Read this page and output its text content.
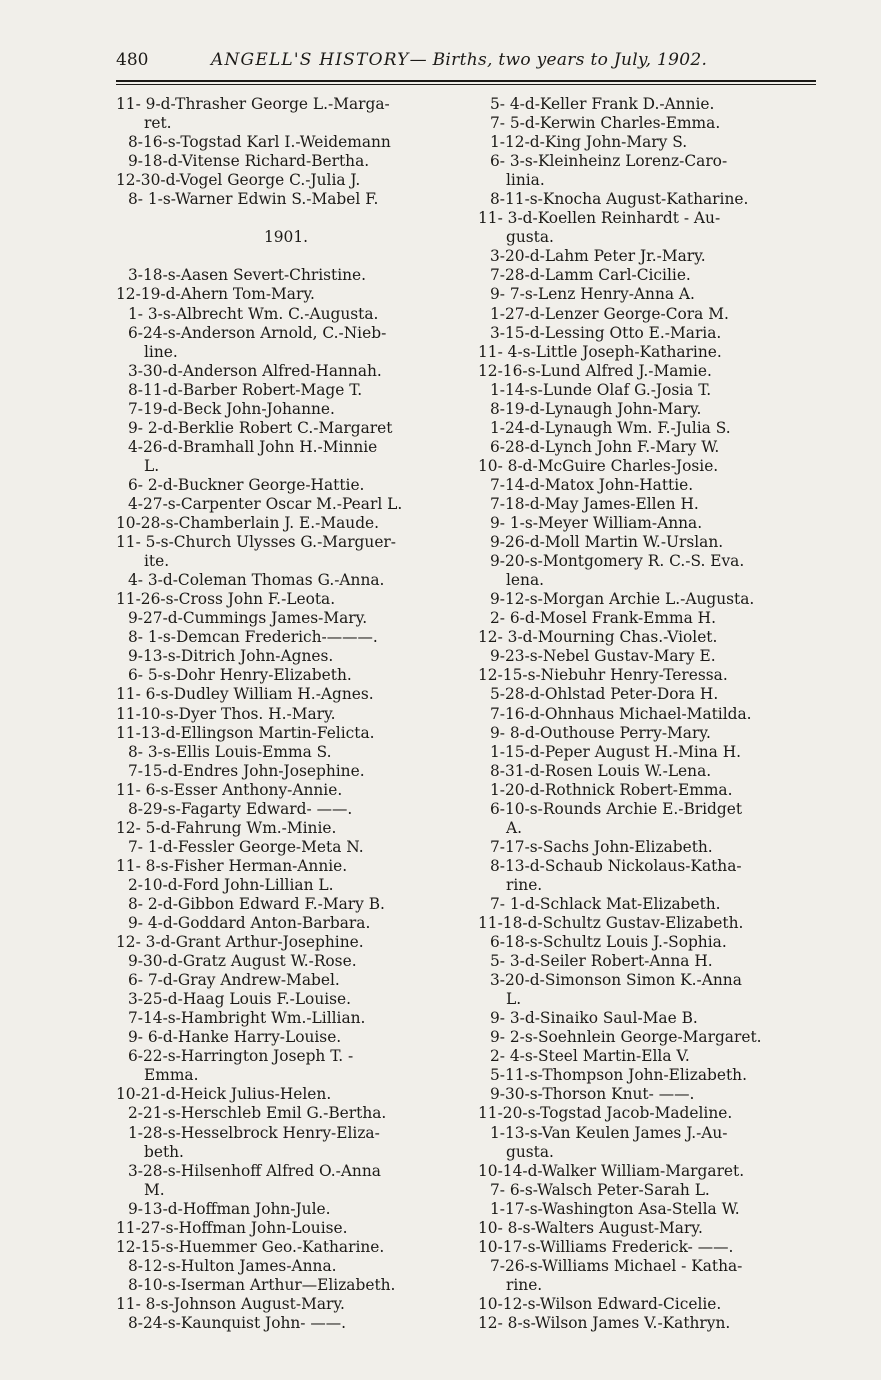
480	ANGELL'S HISTORY— Births, two years to July, 1902.
11- 9-d-Thrasher George L.-Marga-
ret.
8-16-s-Togstad Karl I.-Weidemann
9-18-d-Vitense Richard-Bertha.
12-30-d-Vogel George C.-Julia J.
8- 1-s-Warner Edwin S.-Mabel F.
1901.
3-18-s-Aasen Severt-Christine.
12-19-d-Ahern Tom-Mary.
1- 3-s-Albrecht Wm. C.-Augusta.
6-24-s-Anderson Arnold, C.-Nieb-
line.
3-30-d-Anderson Alfred-Hannah.
8-11-d-Barber Robert-Mage T.
7-19-d-Beck John-Johanne.
9- 2-d-Berklie Robert C.-Margaret
4-26-d-Bramhall John H.-Minnie
L.
6- 2-d-Buckner George-Hattie.
4-27-s-Carpenter Oscar M.-Pearl L.
10-28-s-Chamberlain J. E.-Maude.
11- 5-s-Church Ulysses G.-Marguer-
ite.
4- 3-d-Coleman Thomas G.-Anna.
11-26-s-Cross John F.-Leota.
9-27-d-Cummings James-Mary.
8- 1-s-Demcan Frederich-———.
9-13-s-Ditrich John-Agnes.
6- 5-s-Dohr Henry-Elizabeth.
11- 6-s-Dudley William H.-Agnes.
11-10-s-Dyer Thos. H.-Mary.
11-13-d-Ellingson Martin-Felicta.
8- 3-s-Ellis Louis-Emma S.
7-15-d-Endres John-Josephine.
11- 6-s-Esser Anthony-Annie.
8-29-s-Fagarty Edward- ——.
12- 5-d-Fahrung Wm.-Minie.
7- 1-d-Fessler George-Meta N.
11- 8-s-Fisher Herman-Annie.
2-10-d-Ford John-Lillian L.
8- 2-d-Gibbon Edward F.-Mary B.
9- 4-d-Goddard Anton-Barbara.
12- 3-d-Grant Arthur-Josephine.
9-30-d-Gratz August W.-Rose.
6- 7-d-Gray Andrew-Mabel.
3-25-d-Haag Louis F.-Louise.
7-14-s-Hambright Wm.-Lillian.
9- 6-d-Hanke Harry-Louise.
6-22-s-Harrington Joseph T. -
Emma.
10-21-d-Heick Julius-Helen.
2-21-s-Herschleb Emil G.-Bertha.
1-28-s-Hesselbrock Henry-Eliza-
beth.
3-28-s-Hilsenhoff Alfred O.-Anna
M.
9-13-d-Hoffman John-Jule.
11-27-s-Hoffman John-Louise.
12-15-s-Huemmer Geo.-Katharine.
8-12-s-Hulton James-Anna.
8-10-s-Iserman Arthur—Elizabeth.
11- 8-s-Johnson August-Mary.
8-24-s-Kaunquist John- ——.
5- 4-d-Keller Frank D.-Annie.
7- 5-d-Kerwin Charles-Emma.
1-12-d-King John-Mary S.
6- 3-s-Kleinheinz Lorenz-Caro-
linia.
8-11-s-Knocha August-Katharine.
11- 3-d-Koellen Reinhardt - Au-
gusta.
3-20-d-Lahm Peter Jr.-Mary.
7-28-d-Lamm Carl-Cicilie.
9- 7-s-Lenz Henry-Anna A.
1-27-d-Lenzer George-Cora M.
3-15-d-Lessing Otto E.-Maria.
11- 4-s-Little Joseph-Katharine.
12-16-s-Lund Alfred J.-Mamie.
1-14-s-Lunde Olaf G.-Josia T.
8-19-d-Lynaugh John-Mary.
1-24-d-Lynaugh Wm. F.-Julia S.
6-28-d-Lynch John F.-Mary W.
10- 8-d-McGuire Charles-Josie.
7-14-d-Matox John-Hattie.
7-18-d-May James-Ellen H.
9- 1-s-Meyer William-Anna.
9-26-d-Moll Martin W.-Urslan.
9-20-s-Montgomery R. C.-S. Eva.
lena.
9-12-s-Morgan Archie L.-Augusta.
2- 6-d-Mosel Frank-Emma H.
12- 3-d-Mourning Chas.-Violet.
9-23-s-Nebel Gustav-Mary E.
12-15-s-Niebuhr Henry-Teressa.
5-28-d-Ohlstad Peter-Dora H.
7-16-d-Ohnhaus Michael-Matilda.
9- 8-d-Outhouse Perry-Mary.
1-15-d-Peper August H.-Mina H.
8-31-d-Rosen Louis W.-Lena.
1-20-d-Rothnick Robert-Emma.
6-10-s-Rounds Archie E.-Bridget
A.
7-17-s-Sachs John-Elizabeth.
8-13-d-Schaub Nickolaus-Katha-
rine.
7- 1-d-Schlack Mat-Elizabeth.
11-18-d-Schultz Gustav-Elizabeth.
6-18-s-Schultz Louis J.-Sophia.
5- 3-d-Seiler Robert-Anna H.
3-20-d-Simonson Simon K.-Anna
L.
9- 3-d-Sinaiko Saul-Mae B.
9- 2-s-Soehnlein George-Margaret.
2- 4-s-Steel Martin-Ella V.
5-11-s-Thompson John-Elizabeth.
9-30-s-Thorson Knut- ——.
11-20-s-Togstad Jacob-Madeline.
1-13-s-Van Keulen James J.-Au-
gusta.
10-14-d-Walker William-Margaret.
7- 6-s-Walsch Peter-Sarah L.
1-17-s-Washington Asa-Stella W.
10- 8-s-Walters August-Mary.
10-17-s-Williams Frederick- ——.
7-26-s-Williams Michael - Katha-
rine.
10-12-s-Wilson Edward-Cicelie.
12- 8-s-Wilson James V.-Kathryn.
